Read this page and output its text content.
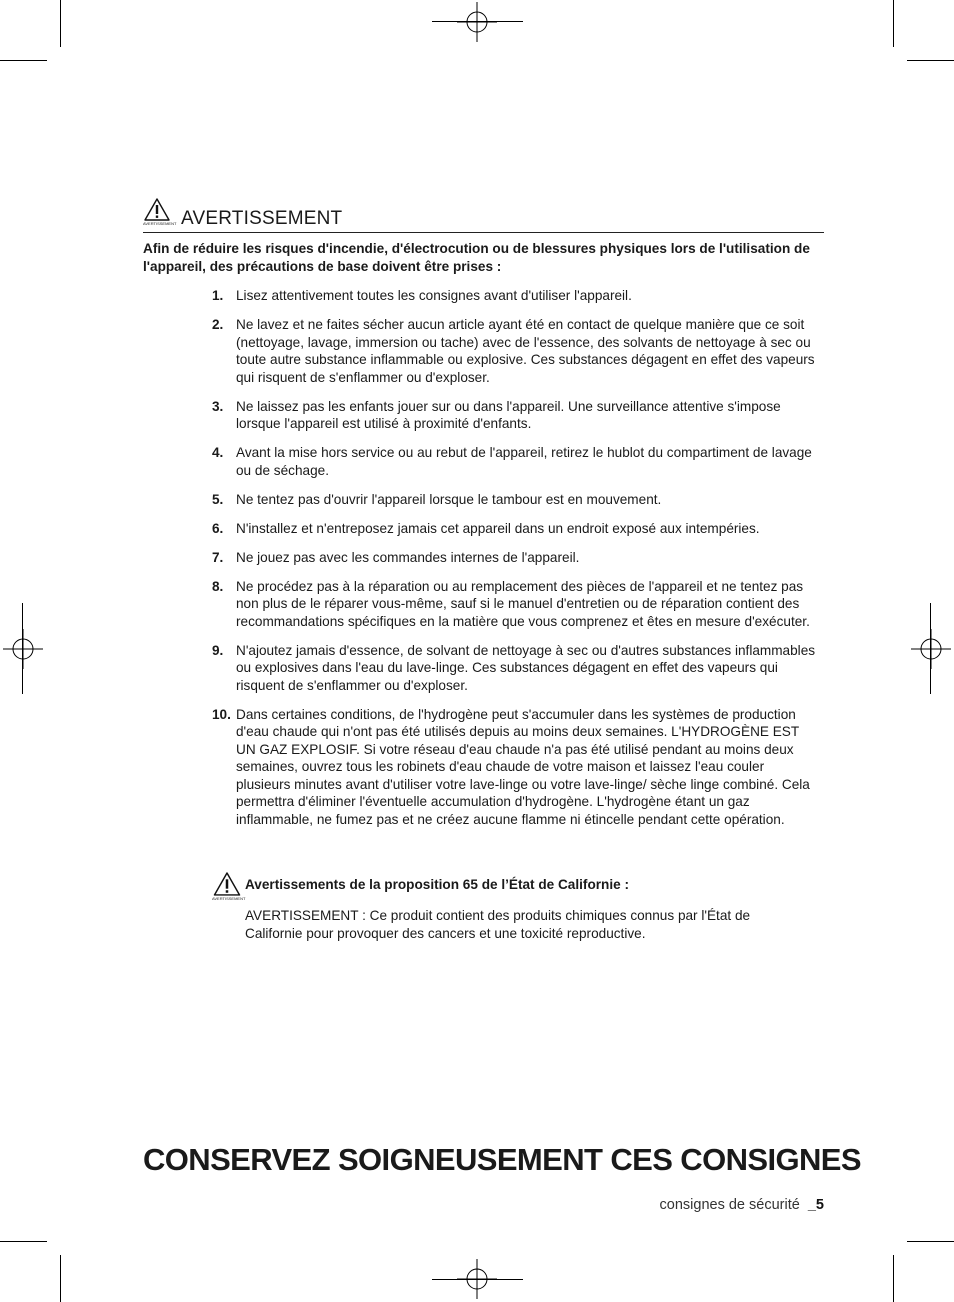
AVERTISSEMENT AVERTISSEMENT
Afin de réduire les risques d'incendie, d'électrocution ou de blessures physiques lors de l'utilisation de l'appareil, des précautions de base doivent être prises :
1. Lisez attentivement toutes les consignes avant d'utiliser l'appareil.
2. Ne lavez et ne faites sécher aucun article ayant été en contact de quelque manière que ce soit (nettoyage, lavage, immersion ou tache) avec de l'essence, des solvants de nettoyage à sec ou toute autre substance inflammable ou explosive. Ces substances dégagent en effet des vapeurs qui risquent de s'enflammer ou d'exploser.
3. Ne laissez pas les enfants jouer sur ou dans l'appareil. Une surveillance attentive s'impose lorsque l'appareil est utilisé à proximité d'enfants.
4. Avant la mise hors service ou au rebut de l'appareil, retirez le hublot du compartiment de lavage ou de séchage.
5. Ne tentez pas d'ouvrir l'appareil lorsque le tambour est en mouvement.
6. N'installez et n'entreposez jamais cet appareil dans un endroit exposé aux intempéries.
7. Ne jouez pas avec les commandes internes de l'appareil.
8. Ne procédez pas à la réparation ou au remplacement des pièces de l'appareil et ne tentez pas non plus de le réparer vous-même, sauf si le manuel d'entretien ou de réparation contient des recommandations spécifiques en la matière que vous comprenez et êtes en mesure d'exécuter.
9. N'ajoutez jamais d'essence, de solvant de nettoyage à sec ou d'autres substances inflammables ou explosives dans l'eau du lave-linge. Ces substances dégagent en effet des vapeurs qui risquent de s'enflammer ou d'exploser.
10. Dans certaines conditions, de l'hydrogène peut s'accumuler dans les systèmes de production d'eau chaude qui n'ont pas été utilisés depuis au moins deux semaines. L'HYDROGÈNE EST UN GAZ EXPLOSIF. Si votre réseau d'eau chaude n'a pas été utilisé pendant au moins deux semaines, ouvrez tous les robinets d'eau chaude de votre maison et laissez l'eau couler plusieurs minutes avant d'utiliser votre lave-linge ou votre lave-linge/ sèche linge combiné. Cela permettra d'éliminer l'éventuelle accumulation d'hydrogène. L'hydrogène étant un gaz inflammable, ne fumez pas et ne créez aucune flamme ni étincelle pendant cette opération.
AVERTISSEMENT
Avertissements de la proposition 65 de l’État de Californie :
AVERTISSEMENT : Ce produit contient des produits chimiques connus par l'État de Californie pour provoquer des cancers et une toxicité reproductive.
CONSERVEZ SOIGNEUSEMENT CES CONSIGNES
consignes de sécurité _5
